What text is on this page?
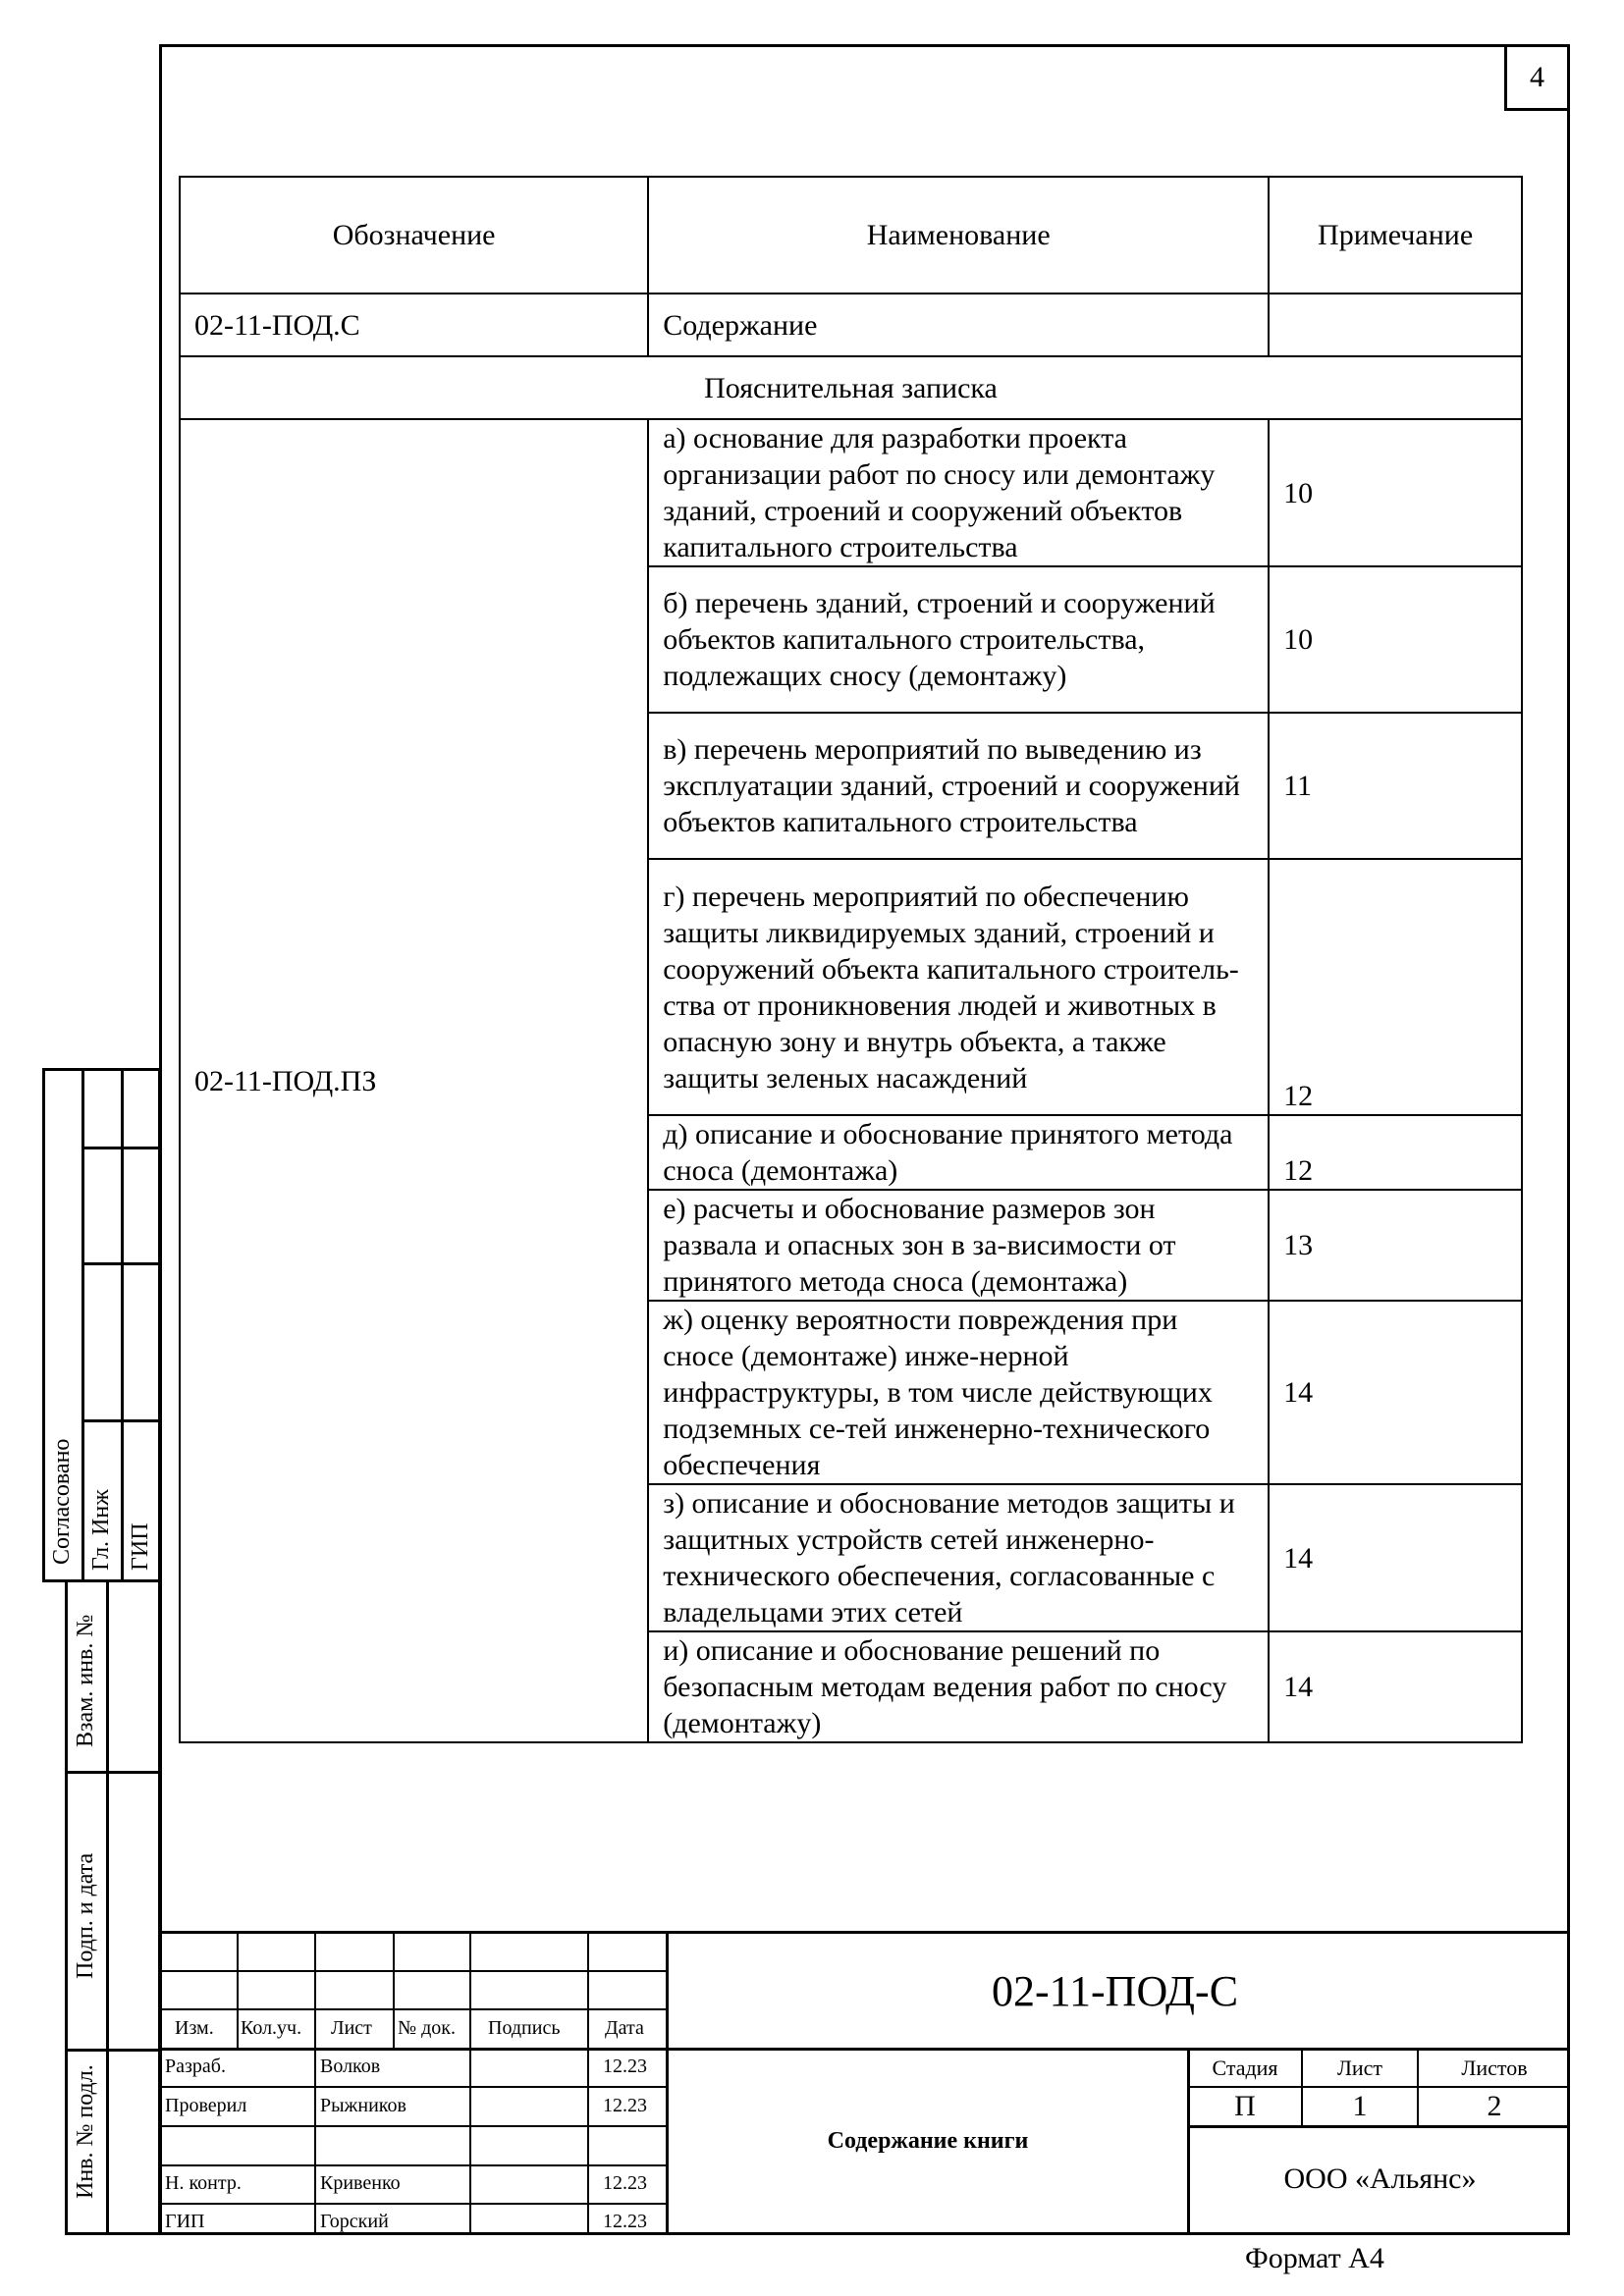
4
Обозначение	Наименование	Примечание
02-11-ПОД.С	Содержание	
Пояснительная записка		
02-11-ПОД.ПЗ	а) основание для разработки проекта организации работ по сносу или демонтажу зданий, строений и сооружений объектов капитального строительства	10
	б) перечень зданий, строений и сооружений объектов капитального строительства, подлежащих сносу (демонтажу)	10
	в) перечень мероприятий по выведению из эксплуатации зданий, строений и сооружений объектов капитального строительства	11
	г) перечень мероприятий по обеспечению защиты ликвидируемых зданий, строений и сооружений объекта капитального строитель-ства от проникновения людей и животных в опасную зону и внутрь объекта, а также защиты зеленых насаждений	12
	д) описание и обоснование принятого метода сноса (демонтажа)	12
	е) расчеты и обоснование размеров зон развала и опасных зон в за-висимости от принятого метода сноса (демонтажа)	13
	ж) оценку вероятности повреждения при сносе (демонтаже) инже-нерной инфраструктуры, в том числе действующих подземных се-тей инженерно-технического обеспечения	14
	з) описание и обоснование методов защиты и защитных устройств сетей инженерно-технического обеспечения, согласованные с владельцами этих сетей	14
	и) описание и обоснование решений по безопасным методам ведения работ по сносу (демонтажу)	14
Согласовано Гл. Инж ГИП
Взам. инв. №
Подп. и дата
Инв. № подл.
02-11-ПОД-С
Изм. Кол.уч. Лист № док. Подпись Дата
Разраб.	Волков	12.23
Проверил	Рыжников	12.23
Н. контр.	Кривенко	12.23
ГИП	Горский	12.23
Содержание книги
Стадия	Лист	Листов
П	1	2
ООО «Альянс»
Формат А4
